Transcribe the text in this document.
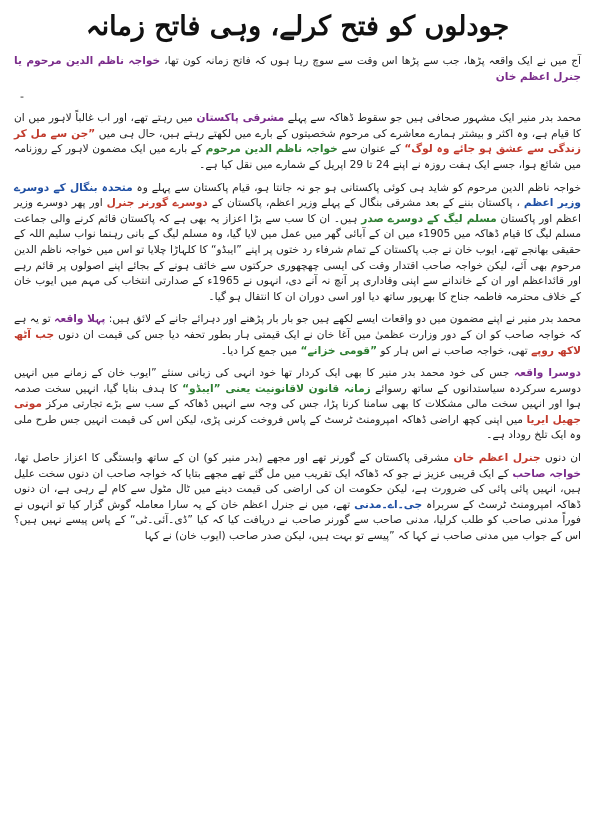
جودلوں کو فتح کرلے، وہی فاتح زمانہ

آج میں نے ایک واقعہ پڑھا، جب سے پڑھا اس وقت سے سوچ رہا ہوں کہ فاتح زمانہ کون تھا، خواجہ ناظم الدین مرحوم یا جنرل اعظم خان

-

محمد بدر منیر ایک مشہور صحافی ہیں جو سقوط ڈھاکہ سے پہلے مشرقی پاکستان میں رہتے تھے، اور اب غالباً لاہور میں ان کا قیام ہے، وہ اکثر و بیشتر ہمارے معاشرے کی مرحوم شخصیتوں کے بارے میں لکھتے رہتے ہیں، حال ہی میں ”جن سے مل کر زندگی سے عشق ہو جائے وہ لوگ“ کے عنوان سے خواجہ ناظم الدین مرحوم کے بارے میں ایک مضمون لاہور کے روزنامہ میں شائع ہوا، جسے ایک ہفت روزہ نے اپنے 24 تا 29 اپریل کے شمارے میں نقل کیا ہے۔

خواجہ ناظم الدین مرحوم کو شاید ہی کوئی پاکستانی ہو جو نہ جانتا ہو، قیام پاکستان سے پہلے وہ متحدہ بنگال کے دوسرے وزیر اعظم ، پاکستان بننے کے بعد مشرقی بنگال کے پہلے وزیر اعظم، پاکستان کے دوسرے گورنر جنرل اور پھر دوسرے وزیر اعظم اور پاکستان مسلم لیگ کے دوسرے صدر ہیں۔ ان کا سب سے بڑا اعزاز یہ بھی ہے کہ پاکستان قائم کرنے والی جماعت مسلم لیگ کا قیام ڈھاکہ میں 1905ء میں ان کے آبائی گھر میں عمل میں لایا گیا، وہ مسلم لیگ کے بانی رہنما نواب سلیم اللہ کے حقیقی بھانجے تھے، ایوب خان نے جب پاکستان کے تمام شرفاء رد ختوں پر اپنے ”ایبڈو“ کا کلہاڑا چلایا تو اس میں خواجہ ناظم الدین مرحوم بھی آئے، لیکن خواجہ صاحب اقتدار وقت کی ایسی چھچھوری حرکتوں سے خائف ہونے کے بجائے اپنے اصولوں پر قائم رہے اور قائداعظم اور ان کے خاندانے سے اپنی وفاداری پر آنچ نہ آنے دی، انہوں نے 1965ء کے صدارتی انتخاب کی مہم میں ایوب خان کے خلاف محترمہ فاطمہ جناح کا بھرپور ساتھ دیا اور اسی دوران ان کا انتقال ہو گیا۔

محمد بدر منیر نے اپنے مضمون میں دو واقعات ایسے لکھے ہیں جو بار بار پڑھنے اور دہرائے جانے کے لائق ہیں: پہلا واقعہ تو یہ ہے کہ خواجہ صاحب کو ان کے دور وزارت عظمیٰ میں آغا خان نے ایک قیمتی ہار بطور تحفہ دیا جس کی قیمت ان دنوں جب آٹھ لاکھ روپے تھی، خواجہ صاحب نے اس ہار کو ”قومی خزانے“ میں جمع کرا دیا۔

دوسرا واقعہ جس کی خود محمد بدر منیر کا بھی ایک کردار تھا خود انہی کی زبانی سنئے ”ایوب خان کے زمانے میں انہیں دوسرے سرکردہ سیاستدانوں کے ساتھ رسوائے زمانہ قانون لاقانونیت یعنی ”ایبڈو“ کا ہدف بنایا گیا، انہیں سخت صدمہ ہوا اور انہیں سخت مالی مشکلات کا بھی سامنا کرنا پڑا، جس کی وجہ سے انہیں ڈھاکہ کے سب سے بڑے تجارتی مرکز موتی جھیل ایریا میں اپنی کچھ اراضی ڈھاکہ امپرومنٹ ٹرسٹ کے پاس فروخت کرنی پڑی، لیکن اس کی قیمت انہیں جس طرح ملی وہ ایک تلخ روداد ہے۔

ان دنوں جنرل اعظم خان مشرقی پاکستان کے گورنر تھے اور مجھے (بدر منیر کو) ان کے ساتھ وابستگی کا اعزاز حاصل تھا، خواجہ صاحب کے ایک قریبی عزیز نے جو کہ ڈھاکہ ایک تقریب میں مل گئے تھے مجھے بتایا کہ خواجہ صاحب ان دنوں سخت علیل ہیں، انہیں پائی پائی کی ضرورت ہے، لیکن حکومت ان کی اراضی کی قیمت دینے میں ٹال مٹول سے کام لے رہی ہے، ان دنوں ڈھاکہ امپرومنٹ ٹرسٹ کے سربراہ جی۔اے۔مدنی تھے، میں نے جنرل اعظم خان کے یہ سارا معاملہ گوش گزار کیا تو انہوں نے فوراً مدنی صاحب کو طلب کرلیا، مدنی صاحب سے گورنر صاحب نے دریافت کیا کہ کیا ”ڈی۔آئی۔ٹی“ کے پاس پیسے نہیں ہیں؟ اس کے جواب میں مدنی صاحب نے کہا کہ ”پیسے تو بہت ہیں، لیکن صدر صاحب (ایوب خان) نے کہا
